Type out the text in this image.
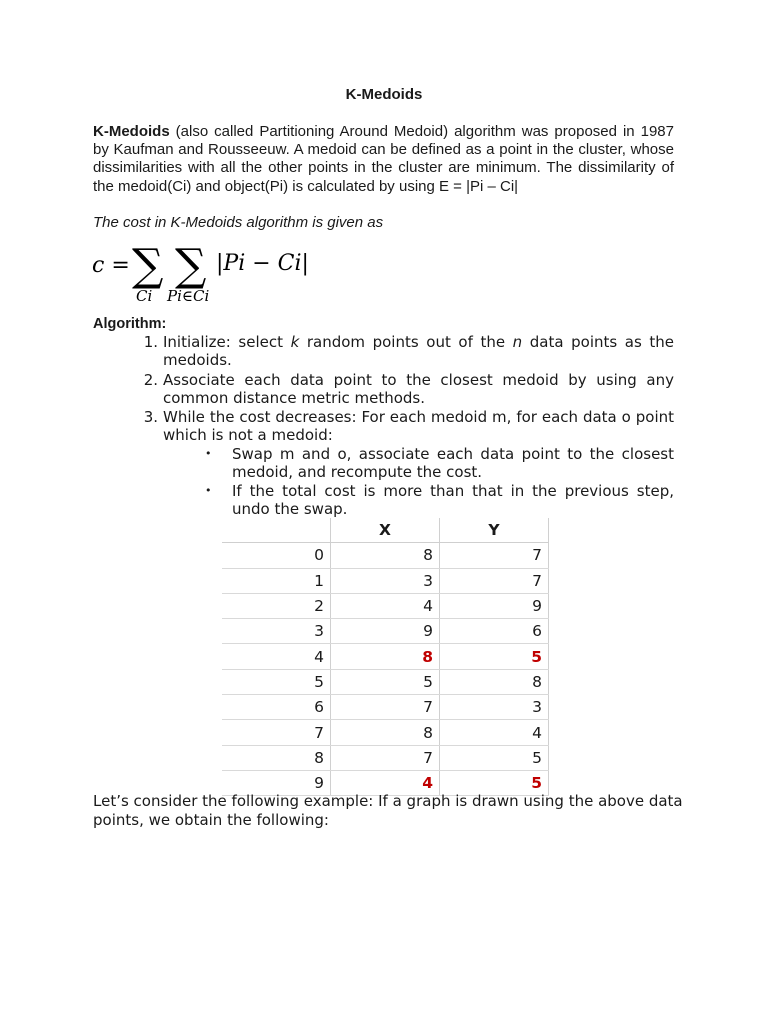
K-Medoids
K-Medoids (also called Partitioning Around Medoid) algorithm was proposed in 1987 by Kaufman and Rousseeuw. A medoid can be defined as a point in the cluster, whose dissimilarities with all the other points in the cluster are minimum. The dissimilarity of the medoid(Ci) and object(Pi) is calculated by using E = |Pi – Ci|
The cost in K-Medoids algorithm is given as
c = ∑
Ci
∑
Pi∈Ci
|Pi − Ci|
Algorithm:
1. Initialize: select k random points out of the n data points as the medoids.
2. Associate each data point to the closest medoid by using any common distance metric methods.
3. While the cost decreases: For each medoid m, for each data o point which is not a medoid:
• Swap m and o, associate each data point to the closest medoid, and recompute the cost.
• If the total cost is more than that in the previous step, undo the swap.
	X	Y
0	8	7
1	3	7
2	4	9
3	9	6
4	8	5
5	5	8
6	7	3
7	8	4
8	7	5
9	4	5
Let’s consider the following example: If a graph is drawn using the above data points, we obtain the following:
